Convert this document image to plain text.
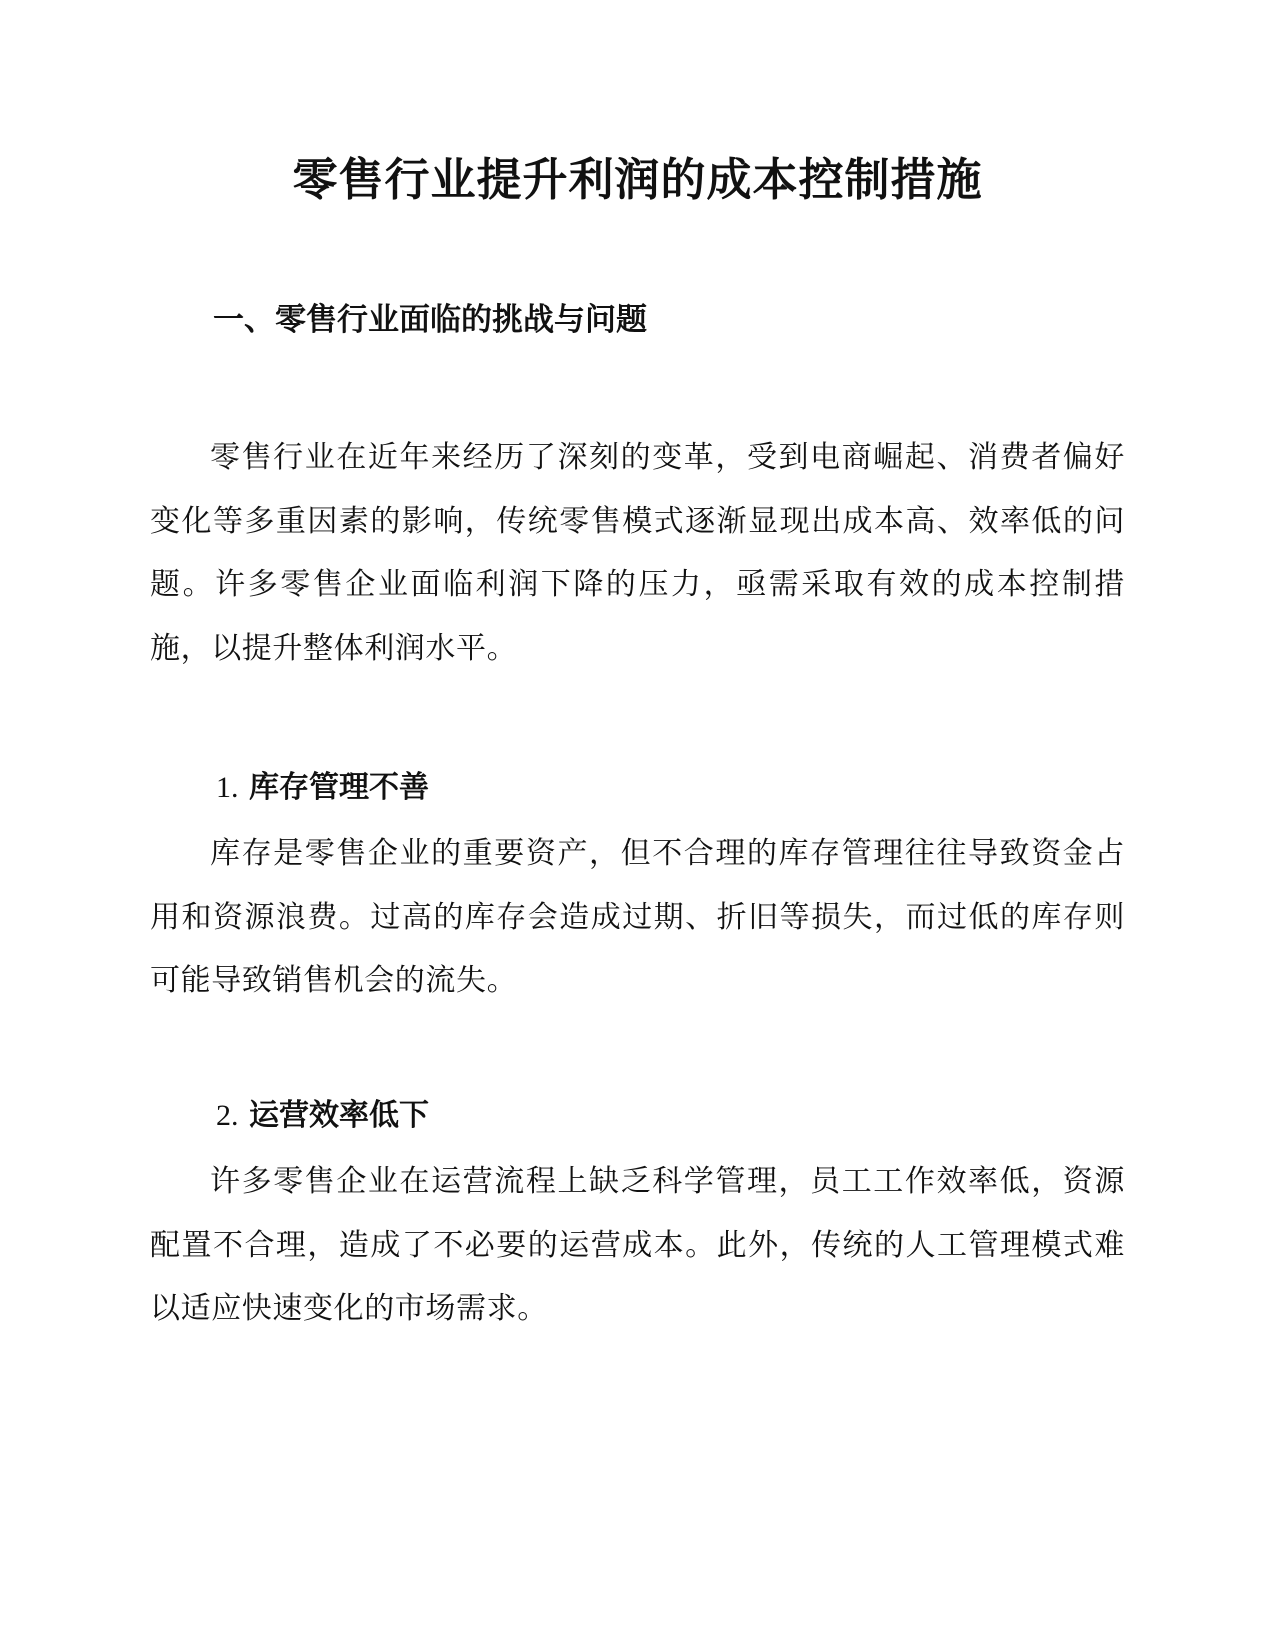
零售行业提升利润的成本控制措施
一、零售行业面临的挑战与问题

零售行业在近年来经历了深刻的变革，受到电商崛起、消费者偏好变化等多重因素的影响，传统零售模式逐渐显现出成本高、效率低的问题。许多零售企业面临利润下降的压力，亟需采取有效的成本控制措施，以提升整体利润水平。

1. 库存管理不善

库存是零售企业的重要资产，但不合理的库存管理往往导致资金占用和资源浪费。过高的库存会造成过期、折旧等损失，而过低的库存则可能导致销售机会的流失。

2. 运营效率低下

许多零售企业在运营流程上缺乏科学管理，员工工作效率低，资源配置不合理，造成了不必要的运营成本。此外，传统的人工管理模式难以适应快速变化的市场需求。
